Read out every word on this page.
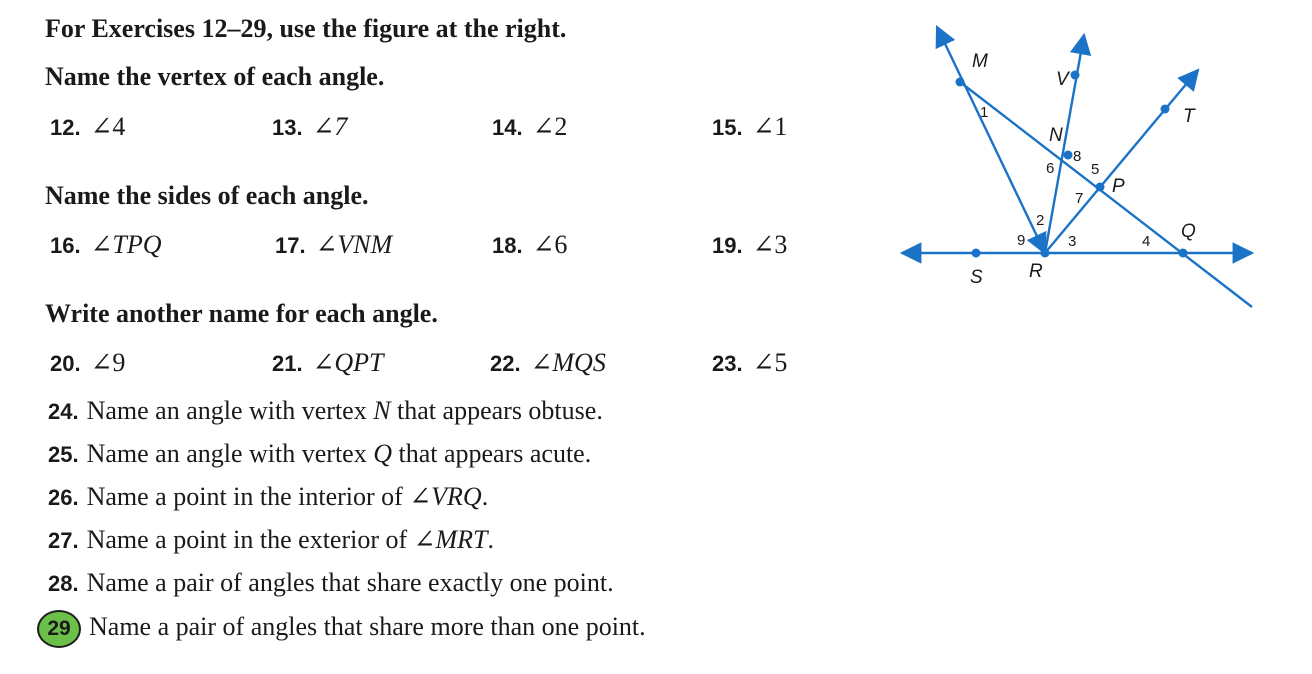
For Exercises 12–29, use the figure at the right.
Name the vertex of each angle.
12. ∠4	13. ∠7	14. ∠2	15. ∠1
Name the sides of each angle.
16. ∠TPQ	17. ∠VNM	18. ∠6	19. ∠3
Write another name for each angle.
20. ∠9	21. ∠QPT	22. ∠MQS	23. ∠5
24. Name an angle with vertex N that appears obtuse.
25. Name an angle with vertex Q that appears acute.
26. Name a point in the interior of ∠VRQ.
27. Name a point in the exterior of ∠MRT.
28. Name a pair of angles that share exactly one point.
29 Name a pair of angles that share more than one point.
M
V
T
N
P
Q
R
S
1
2
3	4
5
6
7
8
9
